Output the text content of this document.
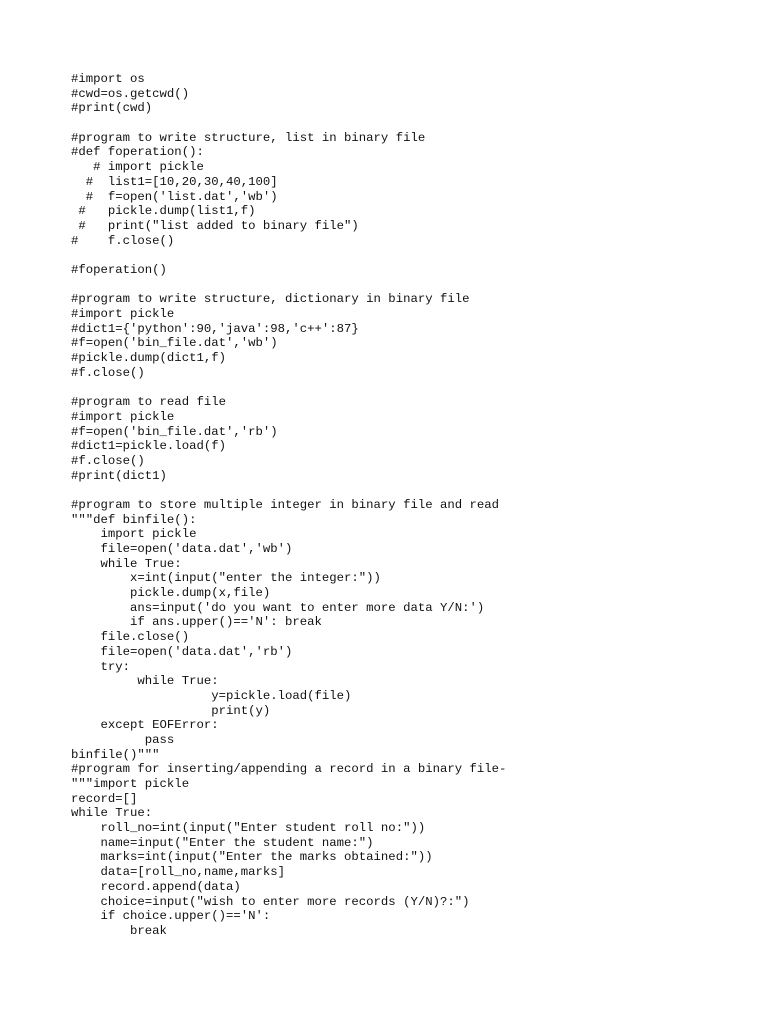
#import os
#cwd=os.getcwd()
#print(cwd)
#program to write structure, list in binary file
#def foperation():
# import pickle
#  list1=[10,20,30,40,100]
#  f=open('list.dat','wb')
#   pickle.dump(list1,f)
#   print("list added to binary file")
#    f.close()
#foperation()
#program to write structure, dictionary in binary file
#import pickle
#dict1={'python':90,'java':98,'c++':87}
#f=open('bin_file.dat','wb')
#pickle.dump(dict1,f)
#f.close()
#program to read file
#import pickle
#f=open('bin_file.dat','rb')
#dict1=pickle.load(f)
#f.close()
#print(dict1)
#program to store multiple integer in binary file and read
"""def binfile():
import pickle
file=open('data.dat','wb')
while True:
x=int(input("enter the integer:"))
pickle.dump(x,file)
ans=input('do you want to enter more data Y/N:')
if ans.upper()=='N': break
file.close()
file=open('data.dat','rb')
try:
while True:
y=pickle.load(file)
print(y)
except EOFError:
pass
binfile()"""
#program for inserting/appending a record in a binary file-
"""import pickle
record=[]
while True:
roll_no=int(input("Enter student roll no:"))
name=input("Enter the student name:")
marks=int(input("Enter the marks obtained:"))
data=[roll_no,name,marks]
record.append(data)
choice=input("wish to enter more records (Y/N)?:")
if choice.upper()=='N':
break
